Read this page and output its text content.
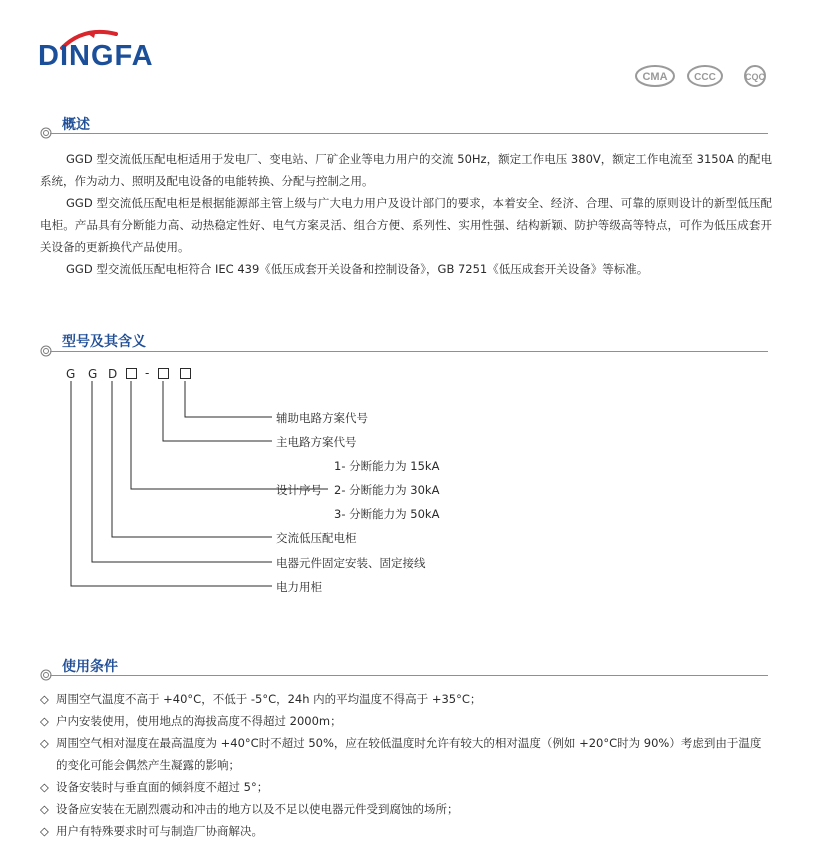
DINGFA
CMA	CCC	CQC
概述

GGD 型交流低压配电柜适用于发电厂、变电站、厂矿企业等电力用户的交流 50Hz，额定工作电压 380V，额定工作电流至 3150A 的配电系统，作为动力、照明及配电设备的电能转换、分配与控制之用。

GGD 型交流低压配电柜是根据能源部主管上级与广大电力用户及设计部门的要求，本着安全、经济、合理、可靠的原则设计的新型低压配电柜。产品具有分断能力高、动热稳定性好、电气方案灵活、组合方便、系列性、实用性强、结构新颖、防护等级高等特点，可作为低压成套开关设备的更新换代产品使用。

GGD 型交流低压配电柜符合 IEC 439《低压成套开关设备和控制设备》，GB 7251《低压成套开关设备》等标准。

型号及其含义
G G D -
辅助电路方案代号
主电路方案代号
1- 分断能力为 15kA
设计序号 2- 分断能力为 30kA
3- 分断能力为 50kA
交流低压配电柜
电器元件固定安装、固定接线
电力用柜
使用条件
◇ 周围空气温度不高于 +40°C，不低于 -5°C，24h 内的平均温度不得高于 +35°C；
◇ 户内安装使用，使用地点的海拔高度不得超过 2000m；
◇ 周围空气相对湿度在最高温度为 +40°C时不超过 50%，应在较低温度时允许有较大的相对温度（例如 +20°C时为 90%）考虑到由于温度
的变化可能会偶然产生凝露的影响；
◇ 设备安装时与垂直面的倾斜度不超过 5°；
◇ 设备应安装在无剧烈震动和冲击的地方以及不足以使电器元件受到腐蚀的场所；
◇ 用户有特殊要求时可与制造厂协商解决。
